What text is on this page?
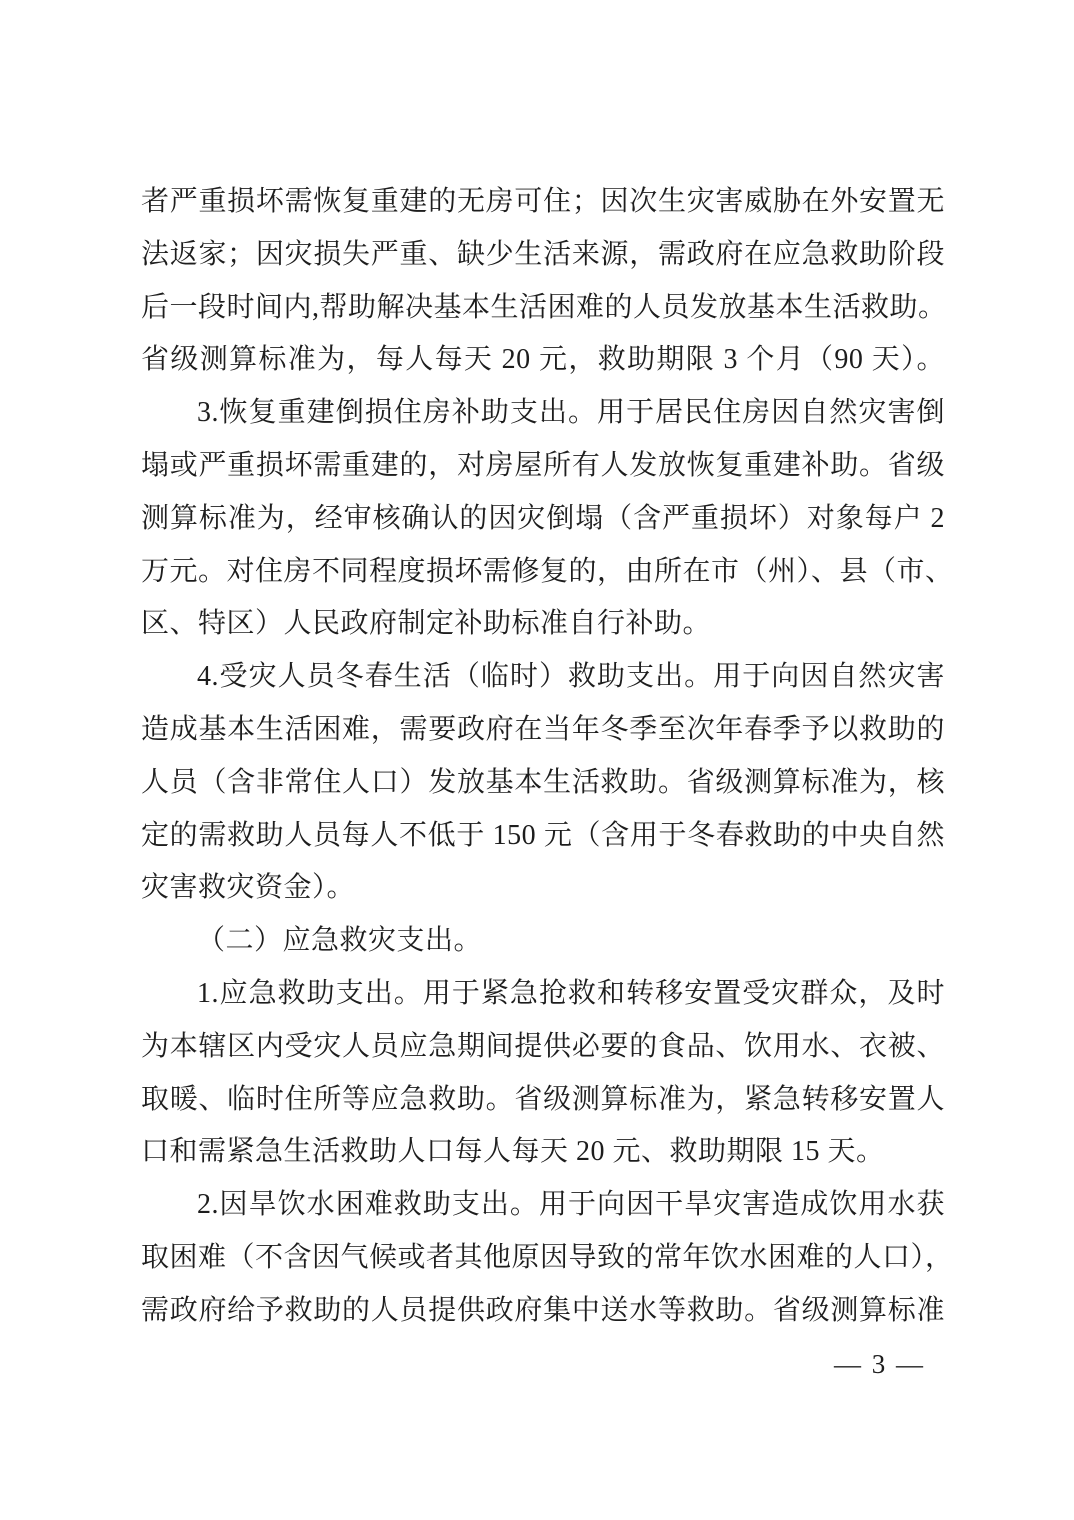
者严重损坏需恢复重建的无房可住；因次生灾害威胁在外安置无
法返家；因灾损失严重、缺少生活来源，需政府在应急救助阶段
后一段时间内,帮助解决基本生活困难的人员发放基本生活救助。
省级测算标准为，每人每天 20 元，救助期限 3 个月（90 天）。
3.恢复重建倒损住房补助支出。用于居民住房因自然灾害倒
塌或严重损坏需重建的，对房屋所有人发放恢复重建补助。省级
测算标准为，经审核确认的因灾倒塌（含严重损坏）对象每户 2
万元。对住房不同程度损坏需修复的，由所在市（州）、县（市、
区、特区）人民政府制定补助标准自行补助。
4.受灾人员冬春生活（临时）救助支出。用于向因自然灾害
造成基本生活困难，需要政府在当年冬季至次年春季予以救助的
人员（含非常住人口）发放基本生活救助。省级测算标准为，核
定的需救助人员每人不低于 150 元（含用于冬春救助的中央自然
灾害救灾资金）。
（二）应急救灾支出。
1.应急救助支出。用于紧急抢救和转移安置受灾群众，及时
为本辖区内受灾人员应急期间提供必要的食品、饮用水、衣被、
取暖、临时住所等应急救助。省级测算标准为，紧急转移安置人
口和需紧急生活救助人口每人每天 20 元、救助期限 15 天。
2.因旱饮水困难救助支出。用于向因干旱灾害造成饮用水获
取困难（不含因气候或者其他原因导致的常年饮水困难的人口），
需政府给予救助的人员提供政府集中送水等救助。省级测算标准
— 3 —
